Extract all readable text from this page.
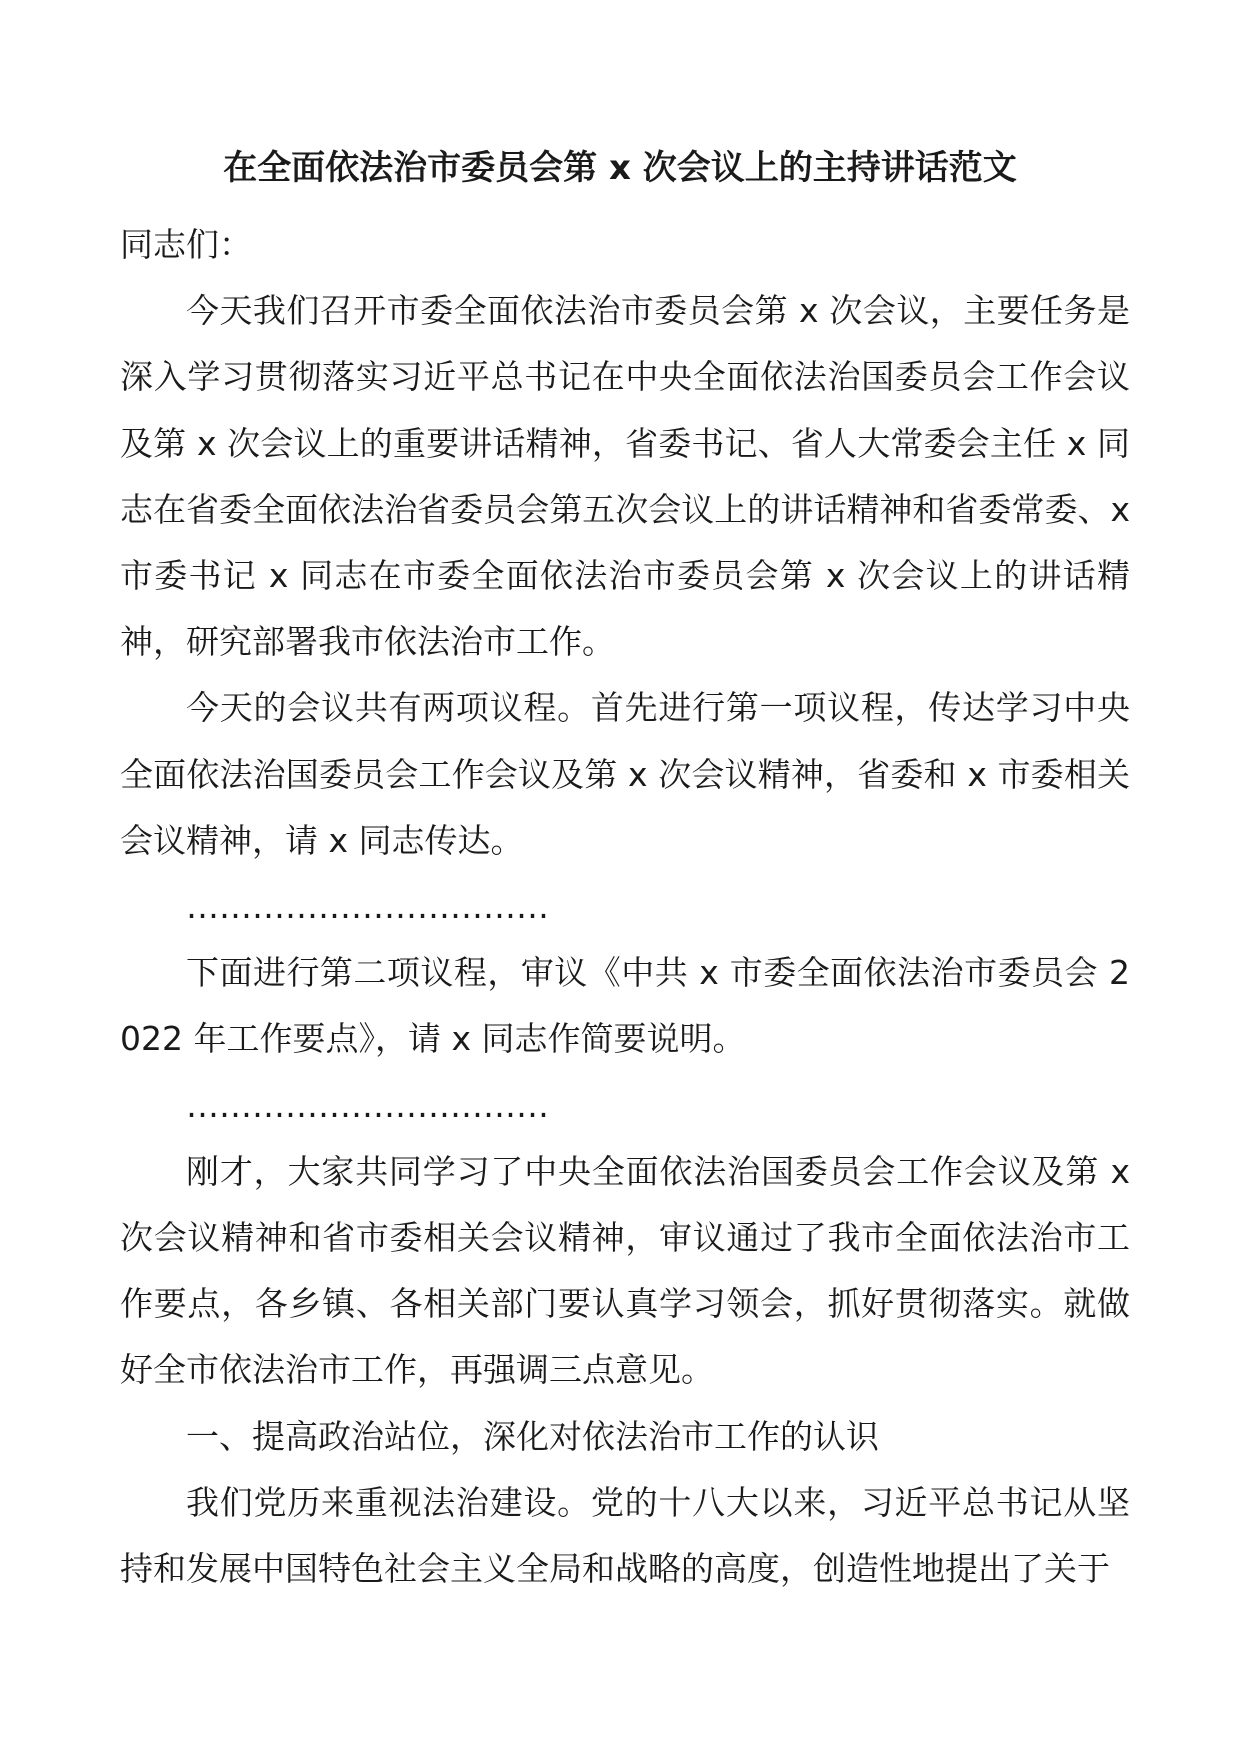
在全面依法治市委员会第 x 次会议上的主持讲话范文

同志们：

今天我们召开市委全面依法治市委员会第 x 次会议，主要任务是深入学习贯彻落实习近平总书记在中央全面依法治国委员会工作会议及第 x 次会议上的重要讲话精神，省委书记、省人大常委会主任 x 同志在省委全面依法治省委员会第五次会议上的讲话精神和省委常委、x 市委书记 x 同志在市委全面依法治市委员会第 x 次会议上的讲话精神，研究部署我市依法治市工作。

今天的会议共有两项议程。首先进行第一项议程，传达学习中央全面依法治国委员会工作会议及第 x 次会议精神，省委和 x 市委相关会议精神，请 x 同志传达。

……………………………

下面进行第二项议程，审议《中共 x 市委全面依法治市委员会 2022 年工作要点》，请 x 同志作简要说明。

……………………………

刚才，大家共同学习了中央全面依法治国委员会工作会议及第 x 次会议精神和省市委相关会议精神，审议通过了我市全面依法治市工作要点，各乡镇、各相关部门要认真学习领会，抓好贯彻落实。就做好全市依法治市工作，再强调三点意见。

一、提高政治站位，深化对依法治市工作的认识

我们党历来重视法治建设。党的十八大以来，习近平总书记从坚持和发展中国特色社会主义全局和战略的高度，创造性地提出了关于
